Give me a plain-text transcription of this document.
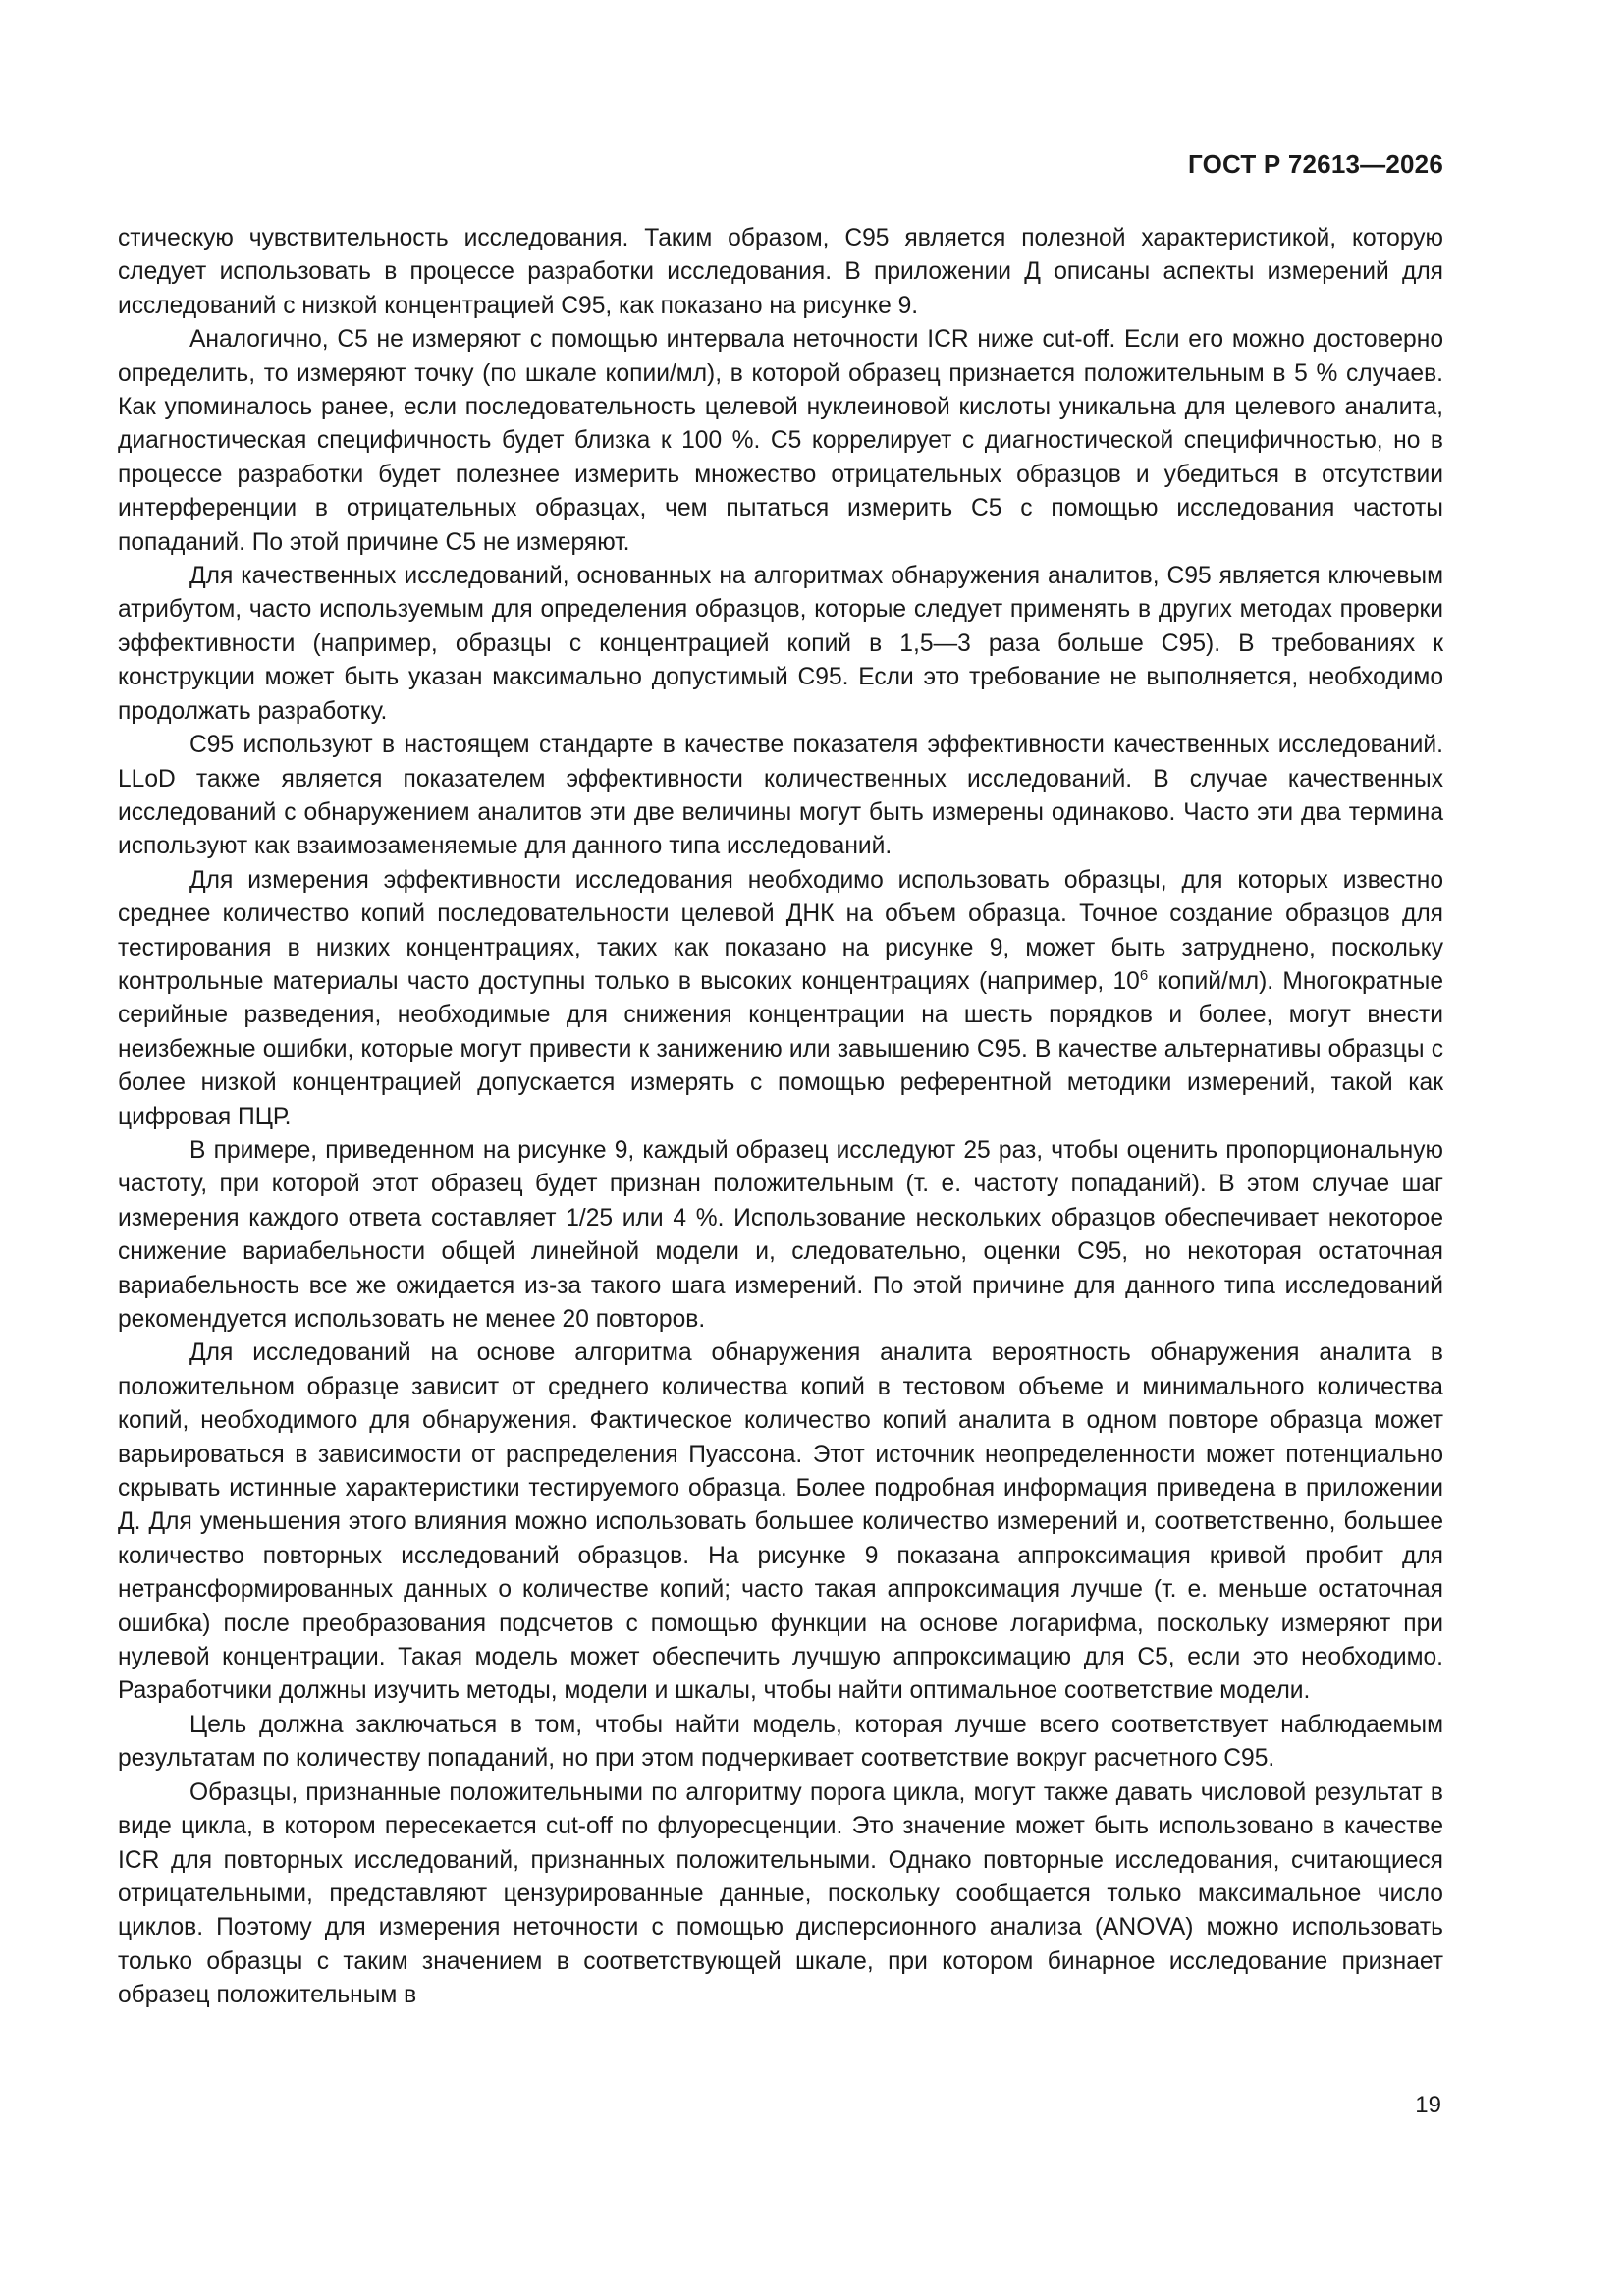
ГОСТ Р 72613—2026

стическую чувствительность исследования. Таким образом, C95 является полезной характеристикой, которую следует использовать в процессе разработки исследования. В приложении Д описаны аспекты измерений для исследований с низкой концентрацией C95, как показано на рисунке 9.

Аналогично, C5 не измеряют с помощью интервала неточности ICR ниже cut-off. Если его можно достоверно определить, то измеряют точку (по шкале копии/мл), в которой образец признается положительным в 5 % случаев. Как упоминалось ранее, если последовательность целевой нуклеиновой кислоты уникальна для целевого аналита, диагностическая специфичность будет близка к 100 %. C5 коррелирует с диагностической специфичностью, но в процессе разработки будет полезнее измерить множество отрицательных образцов и убедиться в отсутствии интерференции в отрицательных образцах, чем пытаться измерить C5 с помощью исследования частоты попаданий. По этой причине C5 не измеряют.

Для качественных исследований, основанных на алгоритмах обнаружения аналитов, C95 является ключевым атрибутом, часто используемым для определения образцов, которые следует применять в других методах проверки эффективности (например, образцы с концентрацией копий в 1,5—3 раза больше C95). В требованиях к конструкции может быть указан максимально допустимый C95. Если это требование не выполняется, необходимо продолжать разработку.

C95 используют в настоящем стандарте в качестве показателя эффективности качественных исследований. LLoD также является показателем эффективности количественных исследований. В случае качественных исследований с обнаружением аналитов эти две величины могут быть измерены одинаково. Часто эти два термина используют как взаимозаменяемые для данного типа исследований.

Для измерения эффективности исследования необходимо использовать образцы, для которых известно среднее количество копий последовательности целевой ДНК на объем образца. Точное создание образцов для тестирования в низких концентрациях, таких как показано на рисунке 9, может быть затруднено, поскольку контрольные материалы часто доступны только в высоких концентрациях (например, $10^6$ копий/мл). Многократные серийные разведения, необходимые для снижения концентрации на шесть порядков и более, могут внести неизбежные ошибки, которые могут привести к занижению или завышению C95. В качестве альтернативы образцы с более низкой концентрацией допускается измерять с помощью референтной методики измерений, такой как цифровая ПЦР.

В примере, приведенном на рисунке 9, каждый образец исследуют 25 раз, чтобы оценить пропорциональную частоту, при которой этот образец будет признан положительным (т. е. частоту попаданий). В этом случае шаг измерения каждого ответа составляет 1/25 или 4 %. Использование нескольких образцов обеспечивает некоторое снижение вариабельности общей линейной модели и, следовательно, оценки C95, но некоторая остаточная вариабельность все же ожидается из-за такого шага измерений. По этой причине для данного типа исследований рекомендуется использовать не менее 20 повторов.

Для исследований на основе алгоритма обнаружения аналита вероятность обнаружения аналита в положительном образце зависит от среднего количества копий в тестовом объеме и минимального количества копий, необходимого для обнаружения. Фактическое количество копий аналита в одном повторе образца может варьироваться в зависимости от распределения Пуассона. Этот источник неопределенности может потенциально скрывать истинные характеристики тестируемого образца. Более подробная информация приведена в приложении Д. Для уменьшения этого влияния можно использовать большее количество измерений и, соответственно, большее количество повторных исследований образцов. На рисунке 9 показана аппроксимация кривой пробит для нетрансформированных данных о количестве копий; часто такая аппроксимация лучше (т. е. меньше остаточная ошибка) после преобразования подсчетов с помощью функции на основе логарифма, поскольку измеряют при нулевой концентрации. Такая модель может обеспечить лучшую аппроксимацию для C5, если это необходимо. Разработчики должны изучить методы, модели и шкалы, чтобы найти оптимальное соответствие модели.

Цель должна заключаться в том, чтобы найти модель, которая лучше всего соответствует наблюдаемым результатам по количеству попаданий, но при этом подчеркивает соответствие вокруг расчетного C95.

Образцы, признанные положительными по алгоритму порога цикла, могут также давать числовой результат в виде цикла, в котором пересекается cut-off по флуоресценции. Это значение может быть использовано в качестве ICR для повторных исследований, признанных положительными. Однако повторные исследования, считающиеся отрицательными, представляют цензурированные данные, поскольку сообщается только максимальное число циклов. Поэтому для измерения неточности с помощью дисперсионного анализа (ANOVA) можно использовать только образцы с таким значением в соответствующей шкале, при котором бинарное исследование признает образец положительным в

19
